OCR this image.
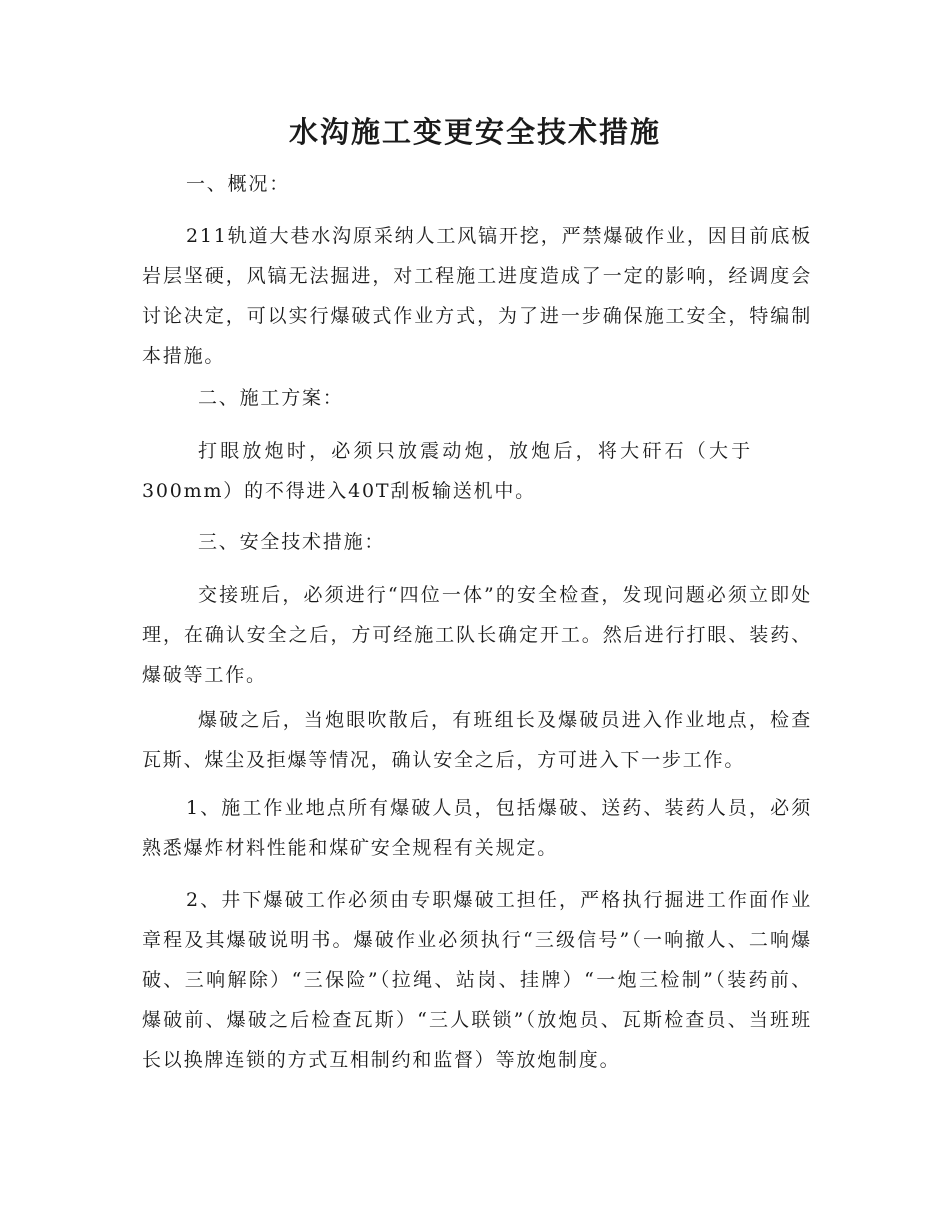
水沟施工变更安全技术措施
一、概况：
211轨道大巷水沟原采纳人工风镐开挖，严禁爆破作业，因目前底板岩层坚硬，风镐无法掘进，对工程施工进度造成了一定的影响，经调度会讨论决定，可以实行爆破式作业方式，为了进一步确保施工安全，特编制本措施。
二、施工方案：
打眼放炮时，必须只放震动炮，放炮后，将大矸石（大于300mm）的不得进入40T刮板输送机中。
三、安全技术措施：
交接班后，必须进行“四位一体”的安全检查，发现问题必须立即处理，在确认安全之后，方可经施工队长确定开工。然后进行打眼、装药、爆破等工作。
爆破之后，当炮眼吹散后，有班组长及爆破员进入作业地点，检查瓦斯、煤尘及拒爆等情况，确认安全之后，方可进入下一步工作。
1、施工作业地点所有爆破人员，包括爆破、送药、装药人员，必须熟悉爆炸材料性能和煤矿安全规程有关规定。
2、井下爆破工作必须由专职爆破工担任，严格执行掘进工作面作业章程及其爆破说明书。爆破作业必须执行“三级信号”（一响撤人、二响爆破、三响解除）“三保险”（拉绳、站岗、挂牌）“一炮三检制”（装药前、爆破前、爆破之后检查瓦斯）“三人联锁”（放炮员、瓦斯检查员、当班班长以换牌连锁的方式互相制约和监督）等放炮制度。
